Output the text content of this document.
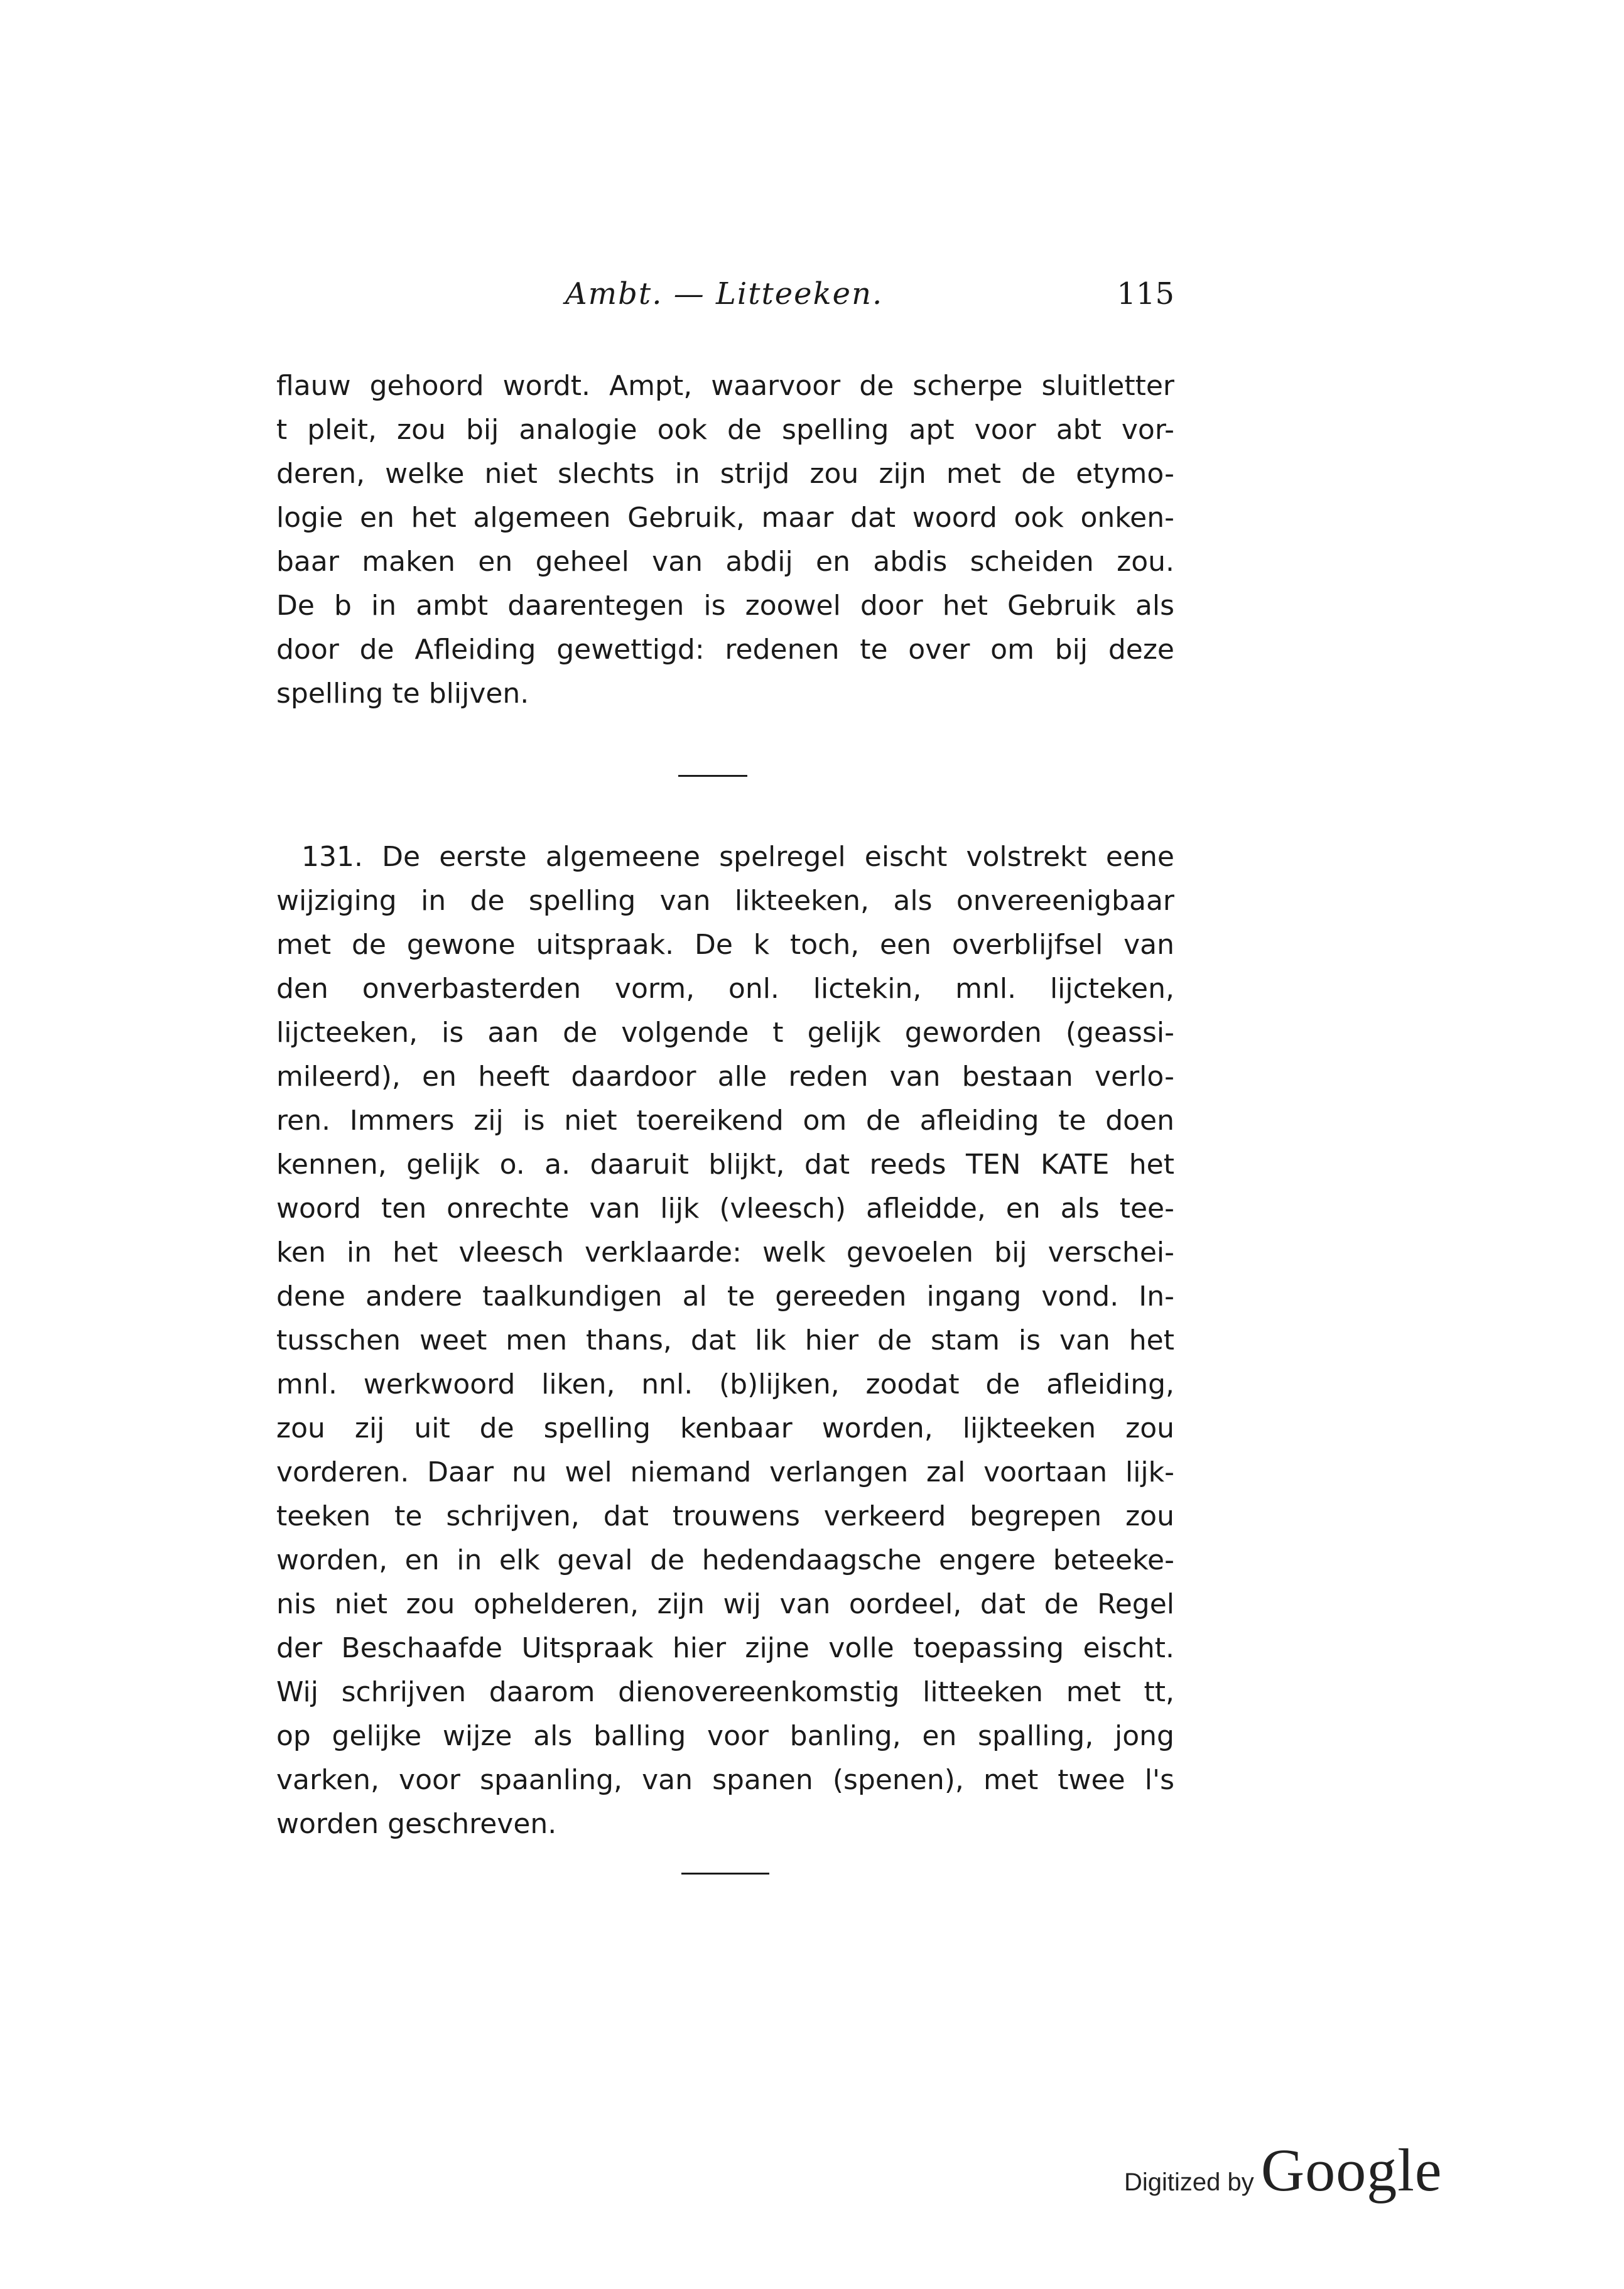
Ambt. — Litteeken.	115
flauw gehoord wordt. Ampt, waarvoor de scherpe sluitletter
t pleit, zou bij analogie ook de spelling apt voor abt vor-
deren, welke niet slechts in strijd zou zijn met de etymo-
logie en het algemeen Gebruik, maar dat woord ook onken-
baar maken en geheel van abdij en abdis scheiden zou.
De b in ambt daarentegen is zoowel door het Gebruik als
door de Afleiding gewettigd: redenen te over om bij deze
spelling te blijven.
131. De eerste algemeene spelregel eischt volstrekt eene
wijziging in de spelling van likteeken, als onvereenigbaar
met de gewone uitspraak. De k toch, een overblijfsel van
den onverbasterden vorm, onl. lictekin, mnl. lijcteken,
lijcteeken, is aan de volgende t gelijk geworden (geassi-
mileerd), en heeft daardoor alle reden van bestaan verlo-
ren. Immers zij is niet toereikend om de afleiding te doen
kennen, gelijk o. a. daaruit blijkt, dat reeds TEN KATE het
woord ten onrechte van lijk (vleesch) afleidde, en als tee-
ken in het vleesch verklaarde: welk gevoelen bij verschei-
dene andere taalkundigen al te gereeden ingang vond. In-
tusschen weet men thans, dat lik hier de stam is van het
mnl. werkwoord liken, nnl. (b)lijken, zoodat de afleiding,
zou zij uit de spelling kenbaar worden, lijkteeken zou
vorderen. Daar nu wel niemand verlangen zal voortaan lijk-
teeken te schrijven, dat trouwens verkeerd begrepen zou
worden, en in elk geval de hedendaagsche engere beteeke-
nis niet zou ophelderen, zijn wij van oordeel, dat de Regel
der Beschaafde Uitspraak hier zijne volle toepassing eischt.
Wij schrijven daarom dienovereenkomstig litteeken met tt,
op gelijke wijze als balling voor banling, en spalling, jong
varken, voor spaanling, van spanen (spenen), met twee l's
worden geschreven.
Digitized by Google
